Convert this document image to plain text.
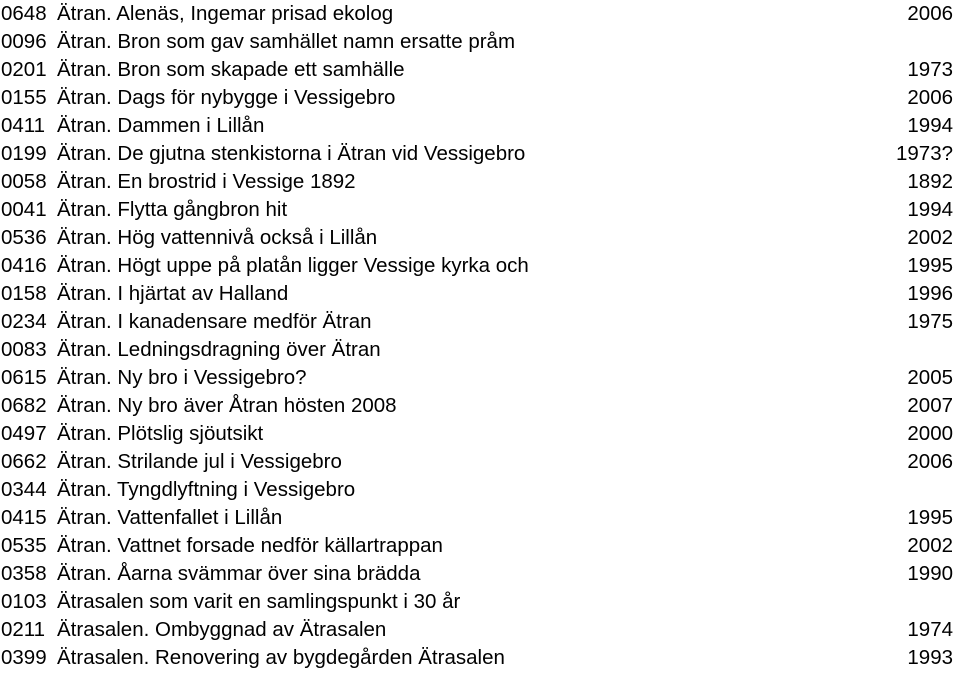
0648 Ätran. Alenäs, Ingemar prisad ekolog	2006
0096 Ätran. Bron som gav samhället namn ersatte pråm
0201 Ätran. Bron som skapade ett samhälle	1973
0155 Ätran. Dags för nybygge i Vessigebro	2006
0411 Ätran. Dammen i Lillån	1994
0199 Ätran. De gjutna stenkistorna i Ätran vid Vessigebro	1973?
0058 Ätran. En brostrid i Vessige 1892	1892
0041 Ätran. Flytta gångbron hit	1994
0536 Ätran. Hög vattennivå också i Lillån	2002
0416 Ätran. Högt uppe på platån ligger Vessige kyrka och	1995
0158 Ätran. I hjärtat av Halland	1996
0234 Ätran. I kanadensare medför Ätran	1975
0083 Ätran. Ledningsdragning över Ätran
0615 Ätran. Ny bro i Vessigebro?	2005
0682 Ätran. Ny bro äver Åtran hösten 2008	2007
0497 Ätran. Plötslig sjöutsikt	2000
0662 Ätran. Strilande jul i Vessigebro	2006
0344 Ätran. Tyngdlyftning i Vessigebro
0415 Ätran. Vattenfallet i Lillån	1995
0535 Ätran. Vattnet forsade nedför källartrappan	2002
0358 Ätran. Åarna svämmar över sina brädda	1990
0103 Ätrasalen som varit en samlingspunkt i 30 år
0211 Ätrasalen. Ombyggnad av Ätrasalen	1974
0399 Ätrasalen. Renovering av bygdegården Ätrasalen	1993
